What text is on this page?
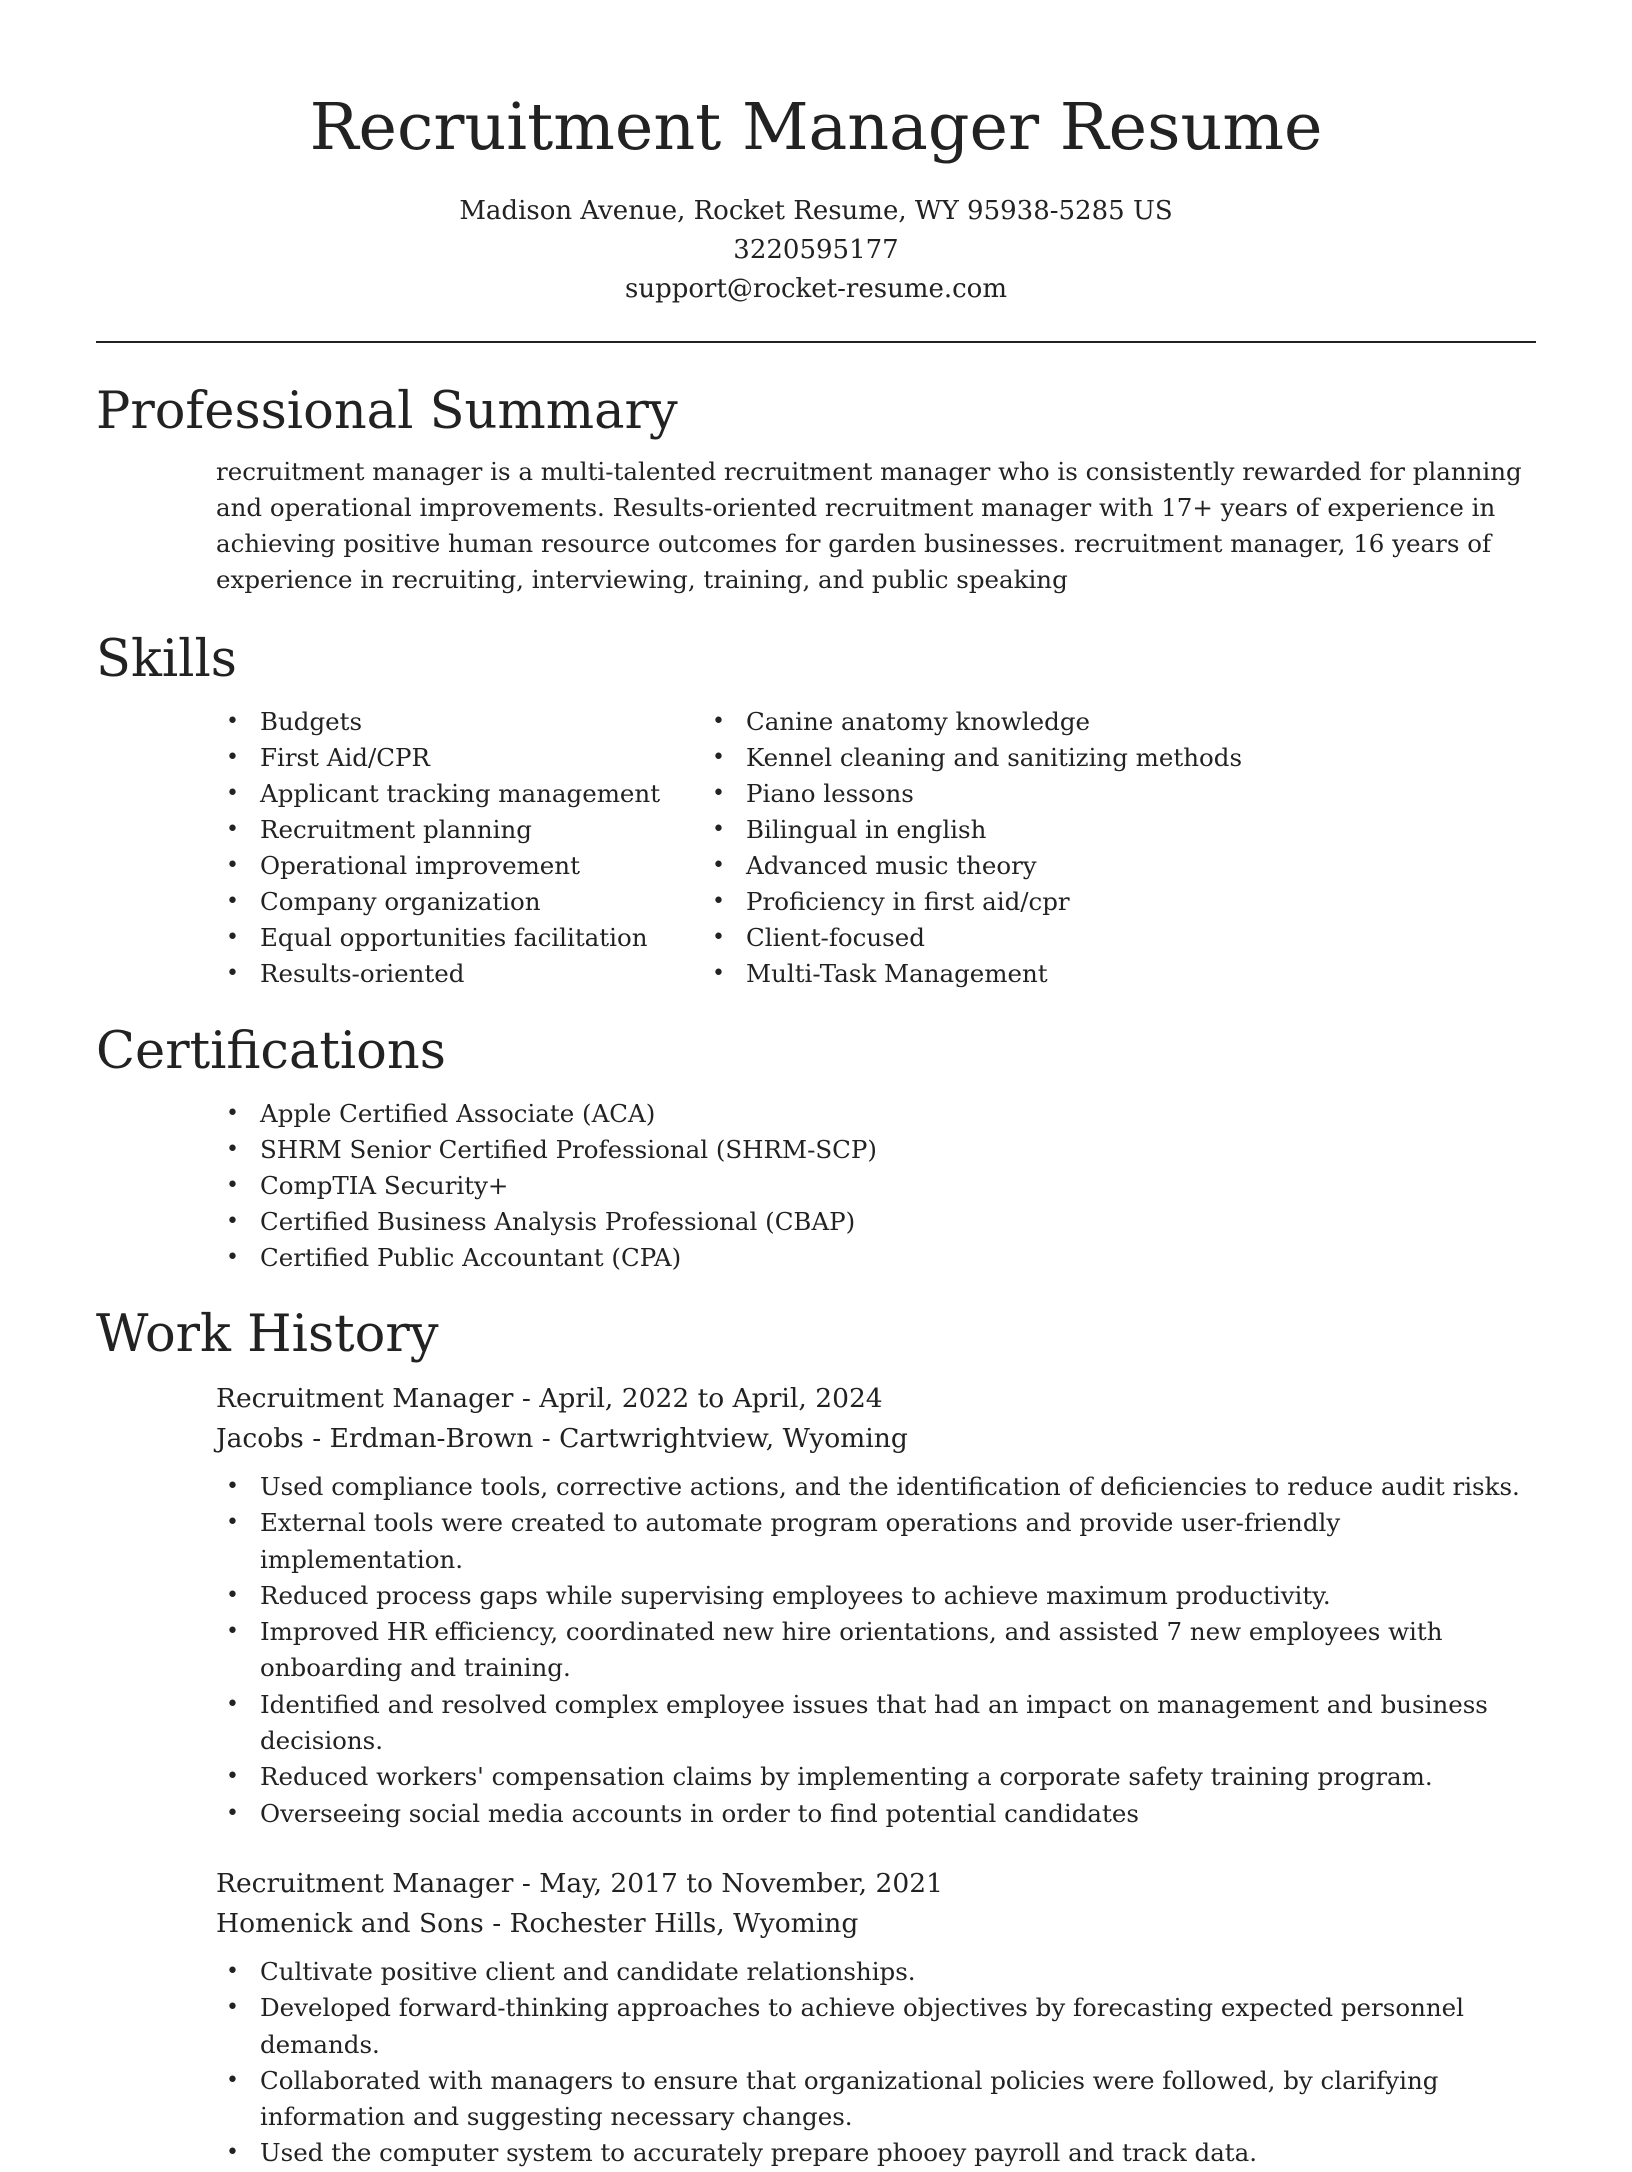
Recruitment Manager Resume
Madison Avenue, Rocket Resume, WY 95938-5285 US
3220595177
support@rocket-resume.com
Professional Summary

recruitment manager is a multi-talented recruitment manager who is consistently rewarded for planning and operational improvements. Results-oriented recruitment manager with 17+ years of experience in achieving positive human resource outcomes for garden businesses. recruitment manager, 16 years of experience in recruiting, interviewing, training, and public speaking

Skills
• Budgets
• First Aid/CPR
• Applicant tracking management
• Recruitment planning
• Operational improvement
• Company organization
• Equal opportunities facilitation
• Results-oriented
• Canine anatomy knowledge
• Kennel cleaning and sanitizing methods
• Piano lessons
• Bilingual in english
• Advanced music theory
• Proficiency in first aid/cpr
• Client-focused
• Multi-Task Management
Certifications
• Apple Certified Associate (ACA)
• SHRM Senior Certified Professional (SHRM-SCP)
• CompTIA Security+
• Certified Business Analysis Professional (CBAP)
• Certified Public Accountant (CPA)
Work History
Recruitment Manager - April, 2022 to April, 2024
Jacobs - Erdman-Brown - Cartwrightview, Wyoming
• Used compliance tools, corrective actions, and the identification of deficiencies to reduce audit risks.
• External tools were created to automate program operations and provide user-friendly implementation.
• Reduced process gaps while supervising employees to achieve maximum productivity.
• Improved HR efficiency, coordinated new hire orientations, and assisted 7 new employees with onboarding and training.
• Identified and resolved complex employee issues that had an impact on management and business decisions.
• Reduced workers' compensation claims by implementing a corporate safety training program.
• Overseeing social media accounts in order to find potential candidates
Recruitment Manager - May, 2017 to November, 2021
Homenick and Sons - Rochester Hills, Wyoming
• Cultivate positive client and candidate relationships.
• Developed forward-thinking approaches to achieve objectives by forecasting expected personnel demands.
• Collaborated with managers to ensure that organizational policies were followed, by clarifying information and suggesting necessary changes.
• Used the computer system to accurately prepare phooey payroll and track data.
